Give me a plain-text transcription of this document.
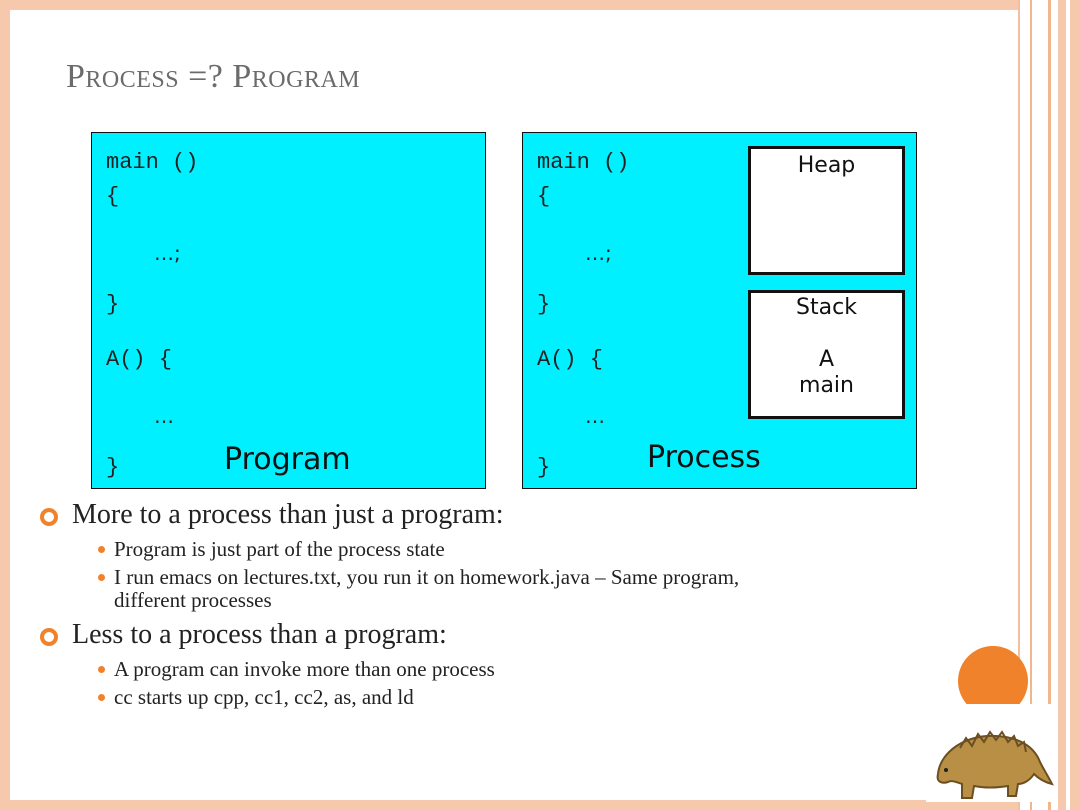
Process =? Program
main ()
{
…;
}
A() {
…
}	Program
main ()
{
…;
}
A() {
…
}	Process
Heap
Stack
A
main
More to a process than just a program:
Program is just part of the process state
I run emacs on lectures.txt, you run it on homework.java – Same program, different processes
Less to a process than a program:
A program can invoke more than one process
cc starts up cpp, cc1, cc2, as, and ld
